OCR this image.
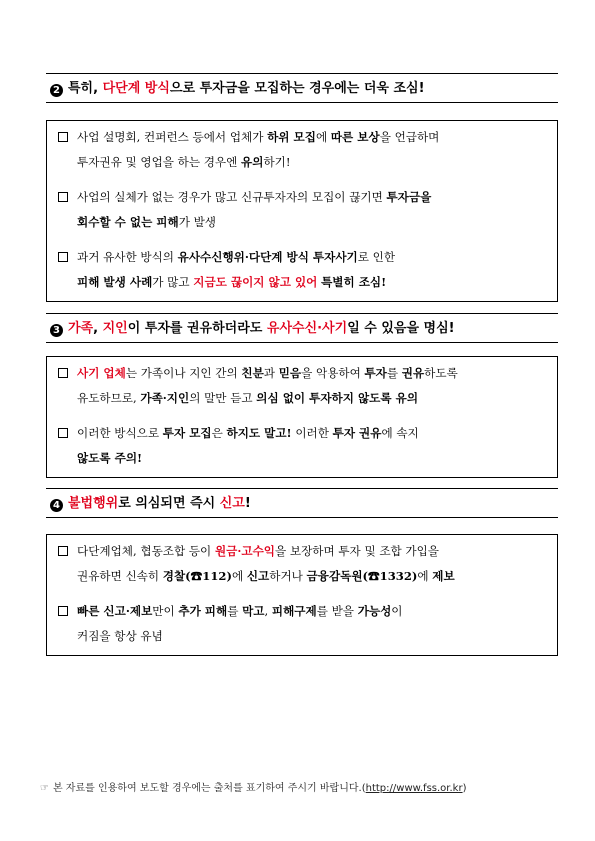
2 특히, 다단계 방식으로 투자금을 모집하는 경우에는 더욱 조심!
사업 설명회, 컨퍼런스 등에서 업체가 하위 모집에 따른 보상을 언급하며
투자권유 및 영업을 하는 경우엔 유의하기!
사업의 실체가 없는 경우가 많고 신규투자자의 모집이 끊기면 투자금을
회수할 수 없는 피해가 발생
과거 유사한 방식의 유사수신행위·다단계 방식 투자사기로 인한
피해 발생 사례가 많고 지금도 끊이지 않고 있어 특별히 조심!
3 가족, 지인이 투자를 권유하더라도 유사수신·사기일 수 있음을 명심!
사기 업체는 가족이나 지인 간의 친분과 믿음을 악용하여 투자를 권유하도록
유도하므로, 가족·지인의 말만 듣고 의심 없이 투자하지 않도록 유의
이러한 방식으로 투자 모집은 하지도 말고! 이러한 투자 권유에 속지
않도록 주의!
4 불법행위로 의심되면 즉시 신고!
다단계업체, 협동조합 등이 원금·고수익을 보장하며 투자 및 조합 가입을
권유하면 신속히 경찰(☎112)에 신고하거나 금융감독원(☎1332)에 제보
빠른 신고·제보만이 추가 피해를 막고, 피해구제를 받을 가능성이
커짐을 항상 유념
☞ 본 자료를 인용하여 보도할 경우에는 출처를 표기하여 주시기 바랍니다.(http://www.fss.or.kr)
